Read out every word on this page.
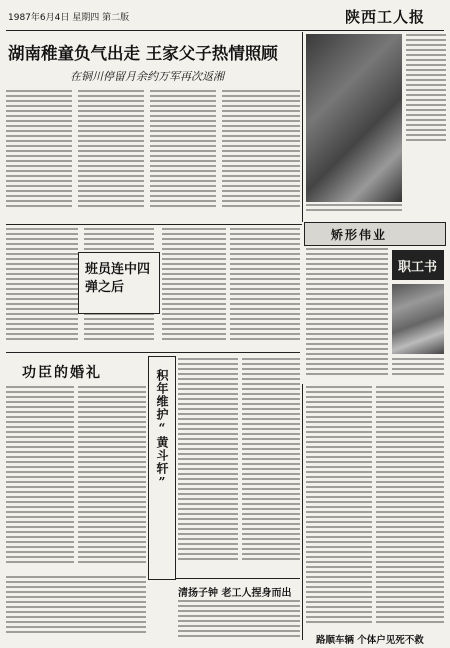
1987年6月4日 星期四 第二版	陕西工人报
湖南稚童负气出走 王家父子热情照顾
在铜川停留月余约万军再次返湘
班员连中四弹之后
矫形伟业
职工书
功臣的婚礼	积年维护“黄斗轩”
清扬子钟 老工人捏身而出
路顺车辆 个体户见死不救
